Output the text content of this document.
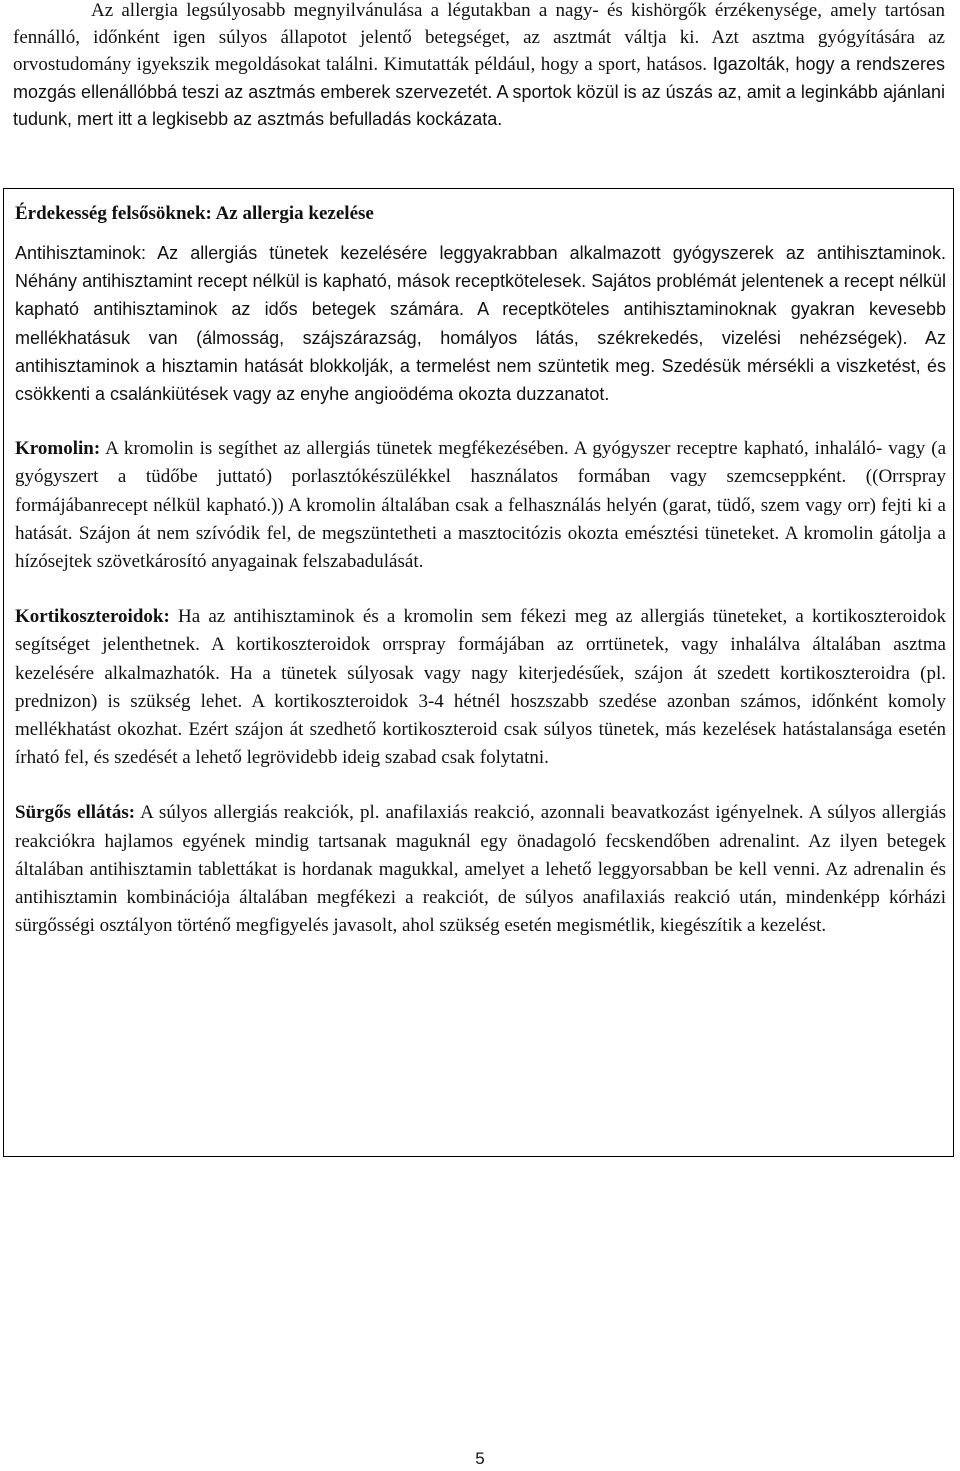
Az allergia legsúlyosabb megnyilvánulása a légutakban a nagy- és kishörgők érzékenysége, amely tartósan fennálló, időnként igen súlyos állapotot jelentő betegséget, az asztmát váltja ki. Azt asztma gyógyítására az orvostudomány igyekszik megoldásokat találni. Kimutatták például, hogy a sport, hatásos. Igazolták, hogy a rendszeres mozgás ellenállóbbá teszi az asztmás emberek szervezetét. A sportok közül is az úszás az, amit a leginkább ajánlani tudunk, mert itt a legkisebb az asztmás befulladás kockázata.

Érdekesség felsősöknek: Az allergia kezelése

Antihisztaminok: Az allergiás tünetek kezelésére leggyakrabban alkalmazott gyógyszerek az antihisztaminok. Néhány antihisztamint recept nélkül is kapható, mások receptkötelesek. Sajátos problémát jelentenek a recept nélkül kapható antihisztaminok az idős betegek számára. A receptköteles antihisztaminoknak gyakran kevesebb mellékhatásuk van (álmosság, szájszárazság, homályos látás, székrekedés, vizelési nehézségek). Az antihisztaminok a hisztamin hatását blokkolják, a termelést nem szüntetik meg. Szedésük mérsékli a viszketést, és csökkenti a csalánkiütések vagy az enyhe angioödéma okozta duzzanatot.

Kromolin: A kromolin is segíthet az allergiás tünetek megfékezésében. A gyógyszer receptre kapható, inhaláló- vagy (a gyógyszert a tüdőbe juttató) porlasztókészülékkel használatos formában vagy szemcseppként. ((Orrspray formájábanrecept nélkül kapható.)) A kromolin általában csak a felhasználás helyén (garat, tüdő, szem vagy orr) fejti ki a hatását. Szájon át nem szívódik fel, de megszüntetheti a masztocitózis okozta emésztési tüneteket. A kromolin gátolja a hízósejtek szövetkárosító anyagainak felszabadulását.

Kortikoszteroidok: Ha az antihisztaminok és a kromolin sem fékezi meg az allergiás tüneteket, a kortikoszteroidok segítséget jelenthetnek. A kortikoszteroidok orrspray formájában az orrtünetek, vagy inhalálva általában asztma kezelésére alkalmazhatók. Ha a tünetek súlyosak vagy nagy kiterjedésűek, szájon át szedett kortikoszteroidra (pl. prednizon) is szükség lehet. A kortikoszteroidok 3-4 hétnél hoszszabb szedése azonban számos, időnként komoly mellékhatást okozhat. Ezért szájon át szedhető kortikoszteroid csak súlyos tünetek, más kezelések hatástalansága esetén írható fel, és szedését a lehető legrövidebb ideig szabad csak folytatni.

Sürgős ellátás: A súlyos allergiás reakciók, pl. anafilaxiás reakció, azonnali beavatkozást igényelnek. A súlyos allergiás reakciókra hajlamos egyének mindig tartsanak maguknál egy önadagoló fecskendőben adrenalint. Az ilyen betegek általában antihisztamin tablettákat is hordanak magukkal, amelyet a lehető leggyorsabban be kell venni. Az adrenalin és antihisztamin kombinációja általában megfékezi a reakciót, de súlyos anafilaxiás reakció után, mindenképp kórházi sürgősségi osztályon történő megfigyelés javasolt, ahol szükség esetén megismétlik, kiegészítik a kezelést.

5
